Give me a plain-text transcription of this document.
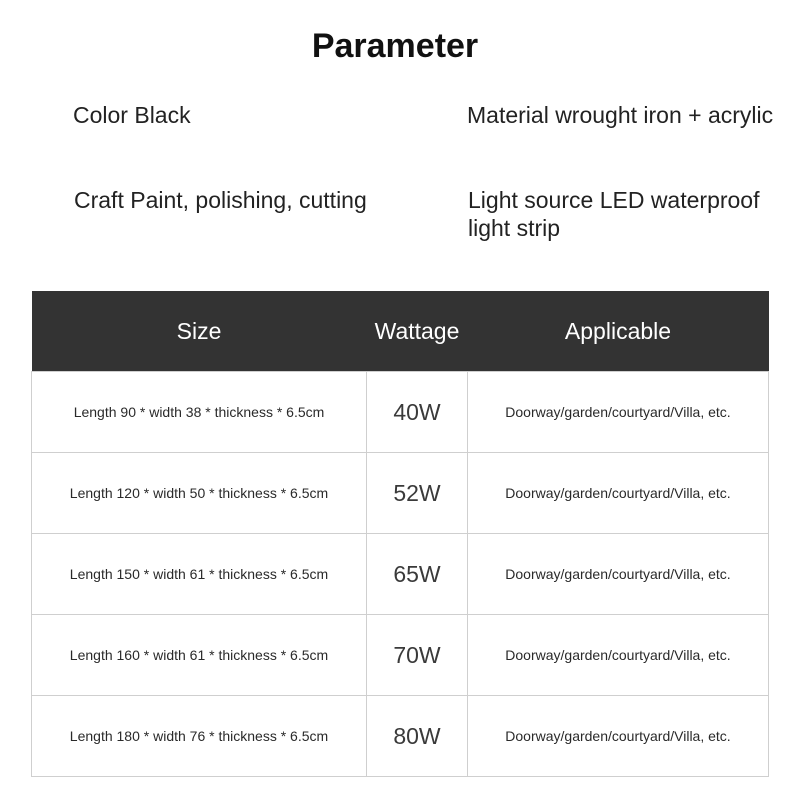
Parameter
Color Black	Material wrought iron + acrylic
Craft Paint, polishing, cutting	Light source LED waterproof light strip
Size	Wattage	Applicable
Length 90 * width 38 * thickness * 6.5cm	40W	Doorway/garden/courtyard/Villa, etc.
Length 120 * width 50 * thickness * 6.5cm	52W	Doorway/garden/courtyard/Villa, etc.
Length 150 * width 61 * thickness * 6.5cm	65W	Doorway/garden/courtyard/Villa, etc.
Length 160 * width 61 * thickness * 6.5cm	70W	Doorway/garden/courtyard/Villa, etc.
Length 180 * width 76 * thickness * 6.5cm	80W	Doorway/garden/courtyard/Villa, etc.
